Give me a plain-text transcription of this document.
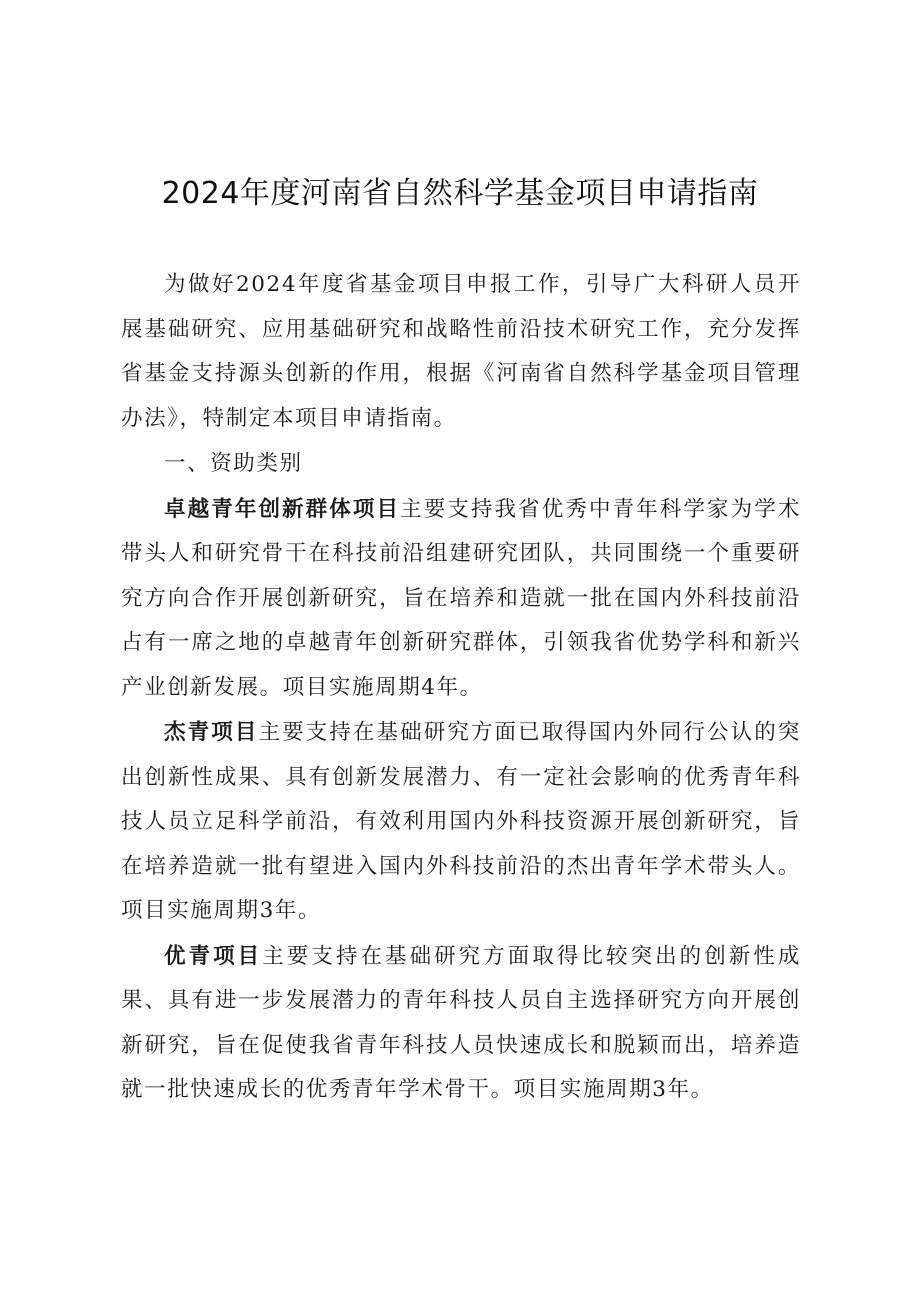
2024年度河南省自然科学基金项目申请指南

为做好2024年度省基金项目申报工作，引导广大科研人员开展基础研究、应用基础研究和战略性前沿技术研究工作，充分发挥省基金支持源头创新的作用，根据《河南省自然科学基金项目管理办法》，特制定本项目申请指南。

一、资助类别

卓越青年创新群体项目主要支持我省优秀中青年科学家为学术带头人和研究骨干在科技前沿组建研究团队，共同围绕一个重要研究方向合作开展创新研究，旨在培养和造就一批在国内外科技前沿占有一席之地的卓越青年创新研究群体，引领我省优势学科和新兴产业创新发展。项目实施周期4年。

杰青项目主要支持在基础研究方面已取得国内外同行公认的突出创新性成果、具有创新发展潜力、有一定社会影响的优秀青年科技人员立足科学前沿，有效利用国内外科技资源开展创新研究，旨在培养造就一批有望进入国内外科技前沿的杰出青年学术带头人。项目实施周期3年。

优青项目主要支持在基础研究方面取得比较突出的创新性成果、具有进一步发展潜力的青年科技人员自主选择研究方向开展创新研究，旨在促使我省青年科技人员快速成长和脱颖而出，培养造就一批快速成长的优秀青年学术骨干。项目实施周期3年。
